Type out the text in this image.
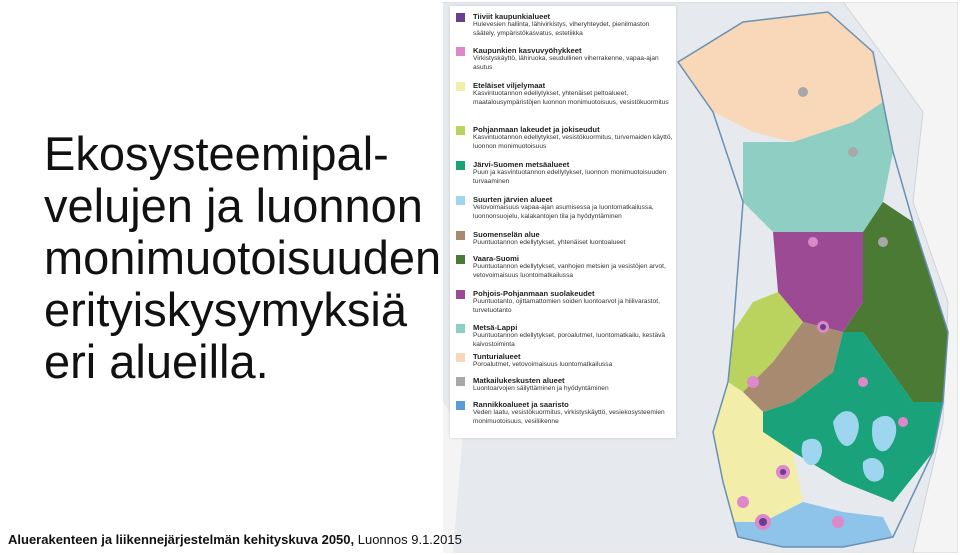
Ekosysteemipal-
velujen ja luonnon
monimuotoisuuden
erityiskysymyksiä
eri alueilla.
Tiiviit kaupunkialueet
Hulevesien hallinta, lähivirkistys, viheryhteydet, pienilmaston säätely, ympäristökasvatus, estetiikka
Kaupunkien kasvuvyöhykkeet
Virkistyskäyttö, lähiruoka, seudullinen viherrakenne, vapaa-ajan asutus
Eteläiset viljelymaat
Kasvintuotannon edellytykset, yhtenäiset peltoalueet, maatalousympäristöjen luonnon monimuotoisuus, vesistökuormitus
Pohjanmaan lakeudet ja jokiseudut
Kasvintuotannon edellytykset, vesistökuormitus, turvemaiden käyttö, luonnon monimuotoisuus
Järvi-Suomen metsäalueet
Puun ja kasvintuotannon edellytykset, luonnon monimuotoisuuden turvaaminen
Suurten järvien alueet
Vetovoimaisuus vapaa-ajan asumisessa ja luontomatkailussa, luonnonsuojelu, kalakantojen tila ja hyödyntäminen
Suomenselän alue
Puuntuotannon edellytykset, yhtenäiset luontoalueet
Vaara-Suomi
Puuntuotannon edellytykset, vanhojen metsien ja vesistöjen arvot, vetovoimaisuus luontomatkailussa
Pohjois-Pohjanmaan suolakeudet
Puuntuotanto, ojittamattomien soiden luontoarvot ja hiilivarastot, turvetuotanto
Metsä-Lappi
Puuntuotannon edellytykset, poroalutmet, luontomatkailu, kestävä kaivostoiminta
Tunturialueet
Poroalutmet, vetovoimaisuus luontomatkailussa
Matkailukeskusten alueet
Luontoarvojen säilyttäminen ja hyödyntäminen
Rannikkoalueet ja saaristo
Veden laatu, vesistökuormitus, virkistyskäyttö, vesiekosysteemien monimuotoisuus, vesiliikenne
Aluerakenteen ja liikennejärjestelmän kehityskuva 2050, Luonnos 9.1.2015
